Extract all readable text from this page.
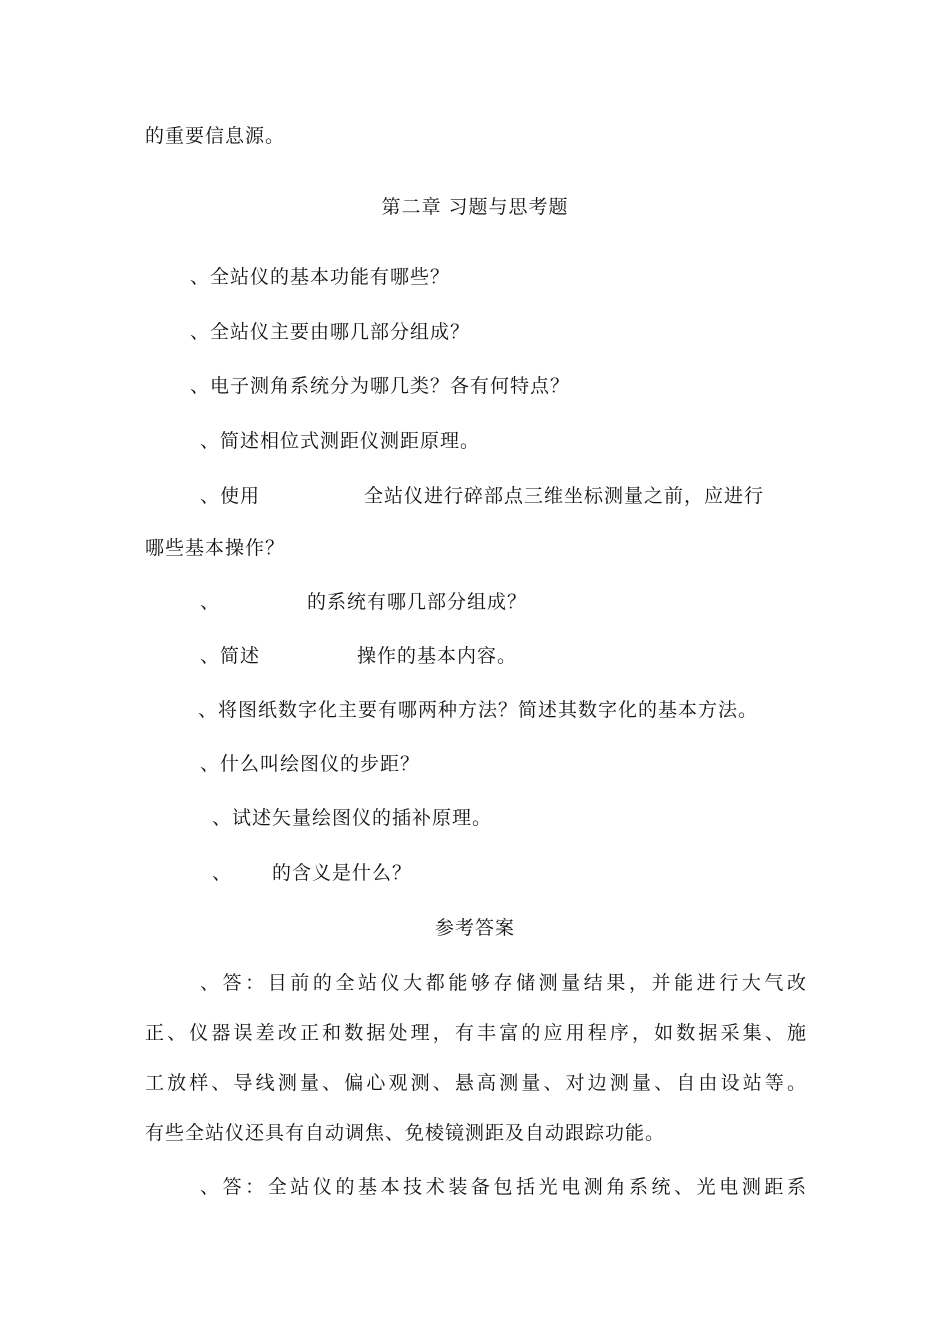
的重要信息源。
第二章 习题与思考题
、全站仪的基本功能有哪些？
、全站仪主要由哪几部分组成？
、电子测角系统分为哪几类？各有何特点？
、简述相位式测距仪测距原理。
、使用	全站仪进行碎部点三维坐标测量之前，应进行
哪些基本操作？
、	的系统有哪几部分组成？
、简述	操作的基本内容。
、将图纸数字化主要有哪两种方法？简述其数字化的基本方法。
、什么叫绘图仪的步距？
、试述矢量绘图仪的插补原理。
、 的含义是什么？
参考答案
、答：目前的全站仪大都能够存储测量结果，并能进行大气改
正、仪器误差改正和数据处理，有丰富的应用程序，如数据采集、施
工放样、导线测量、偏心观测、悬高测量、对边测量、自由设站等。
有些全站仪还具有自动调焦、免棱镜测距及自动跟踪功能。
、答：全站仪的基本技术装备包括光电测角系统、光电测距系
